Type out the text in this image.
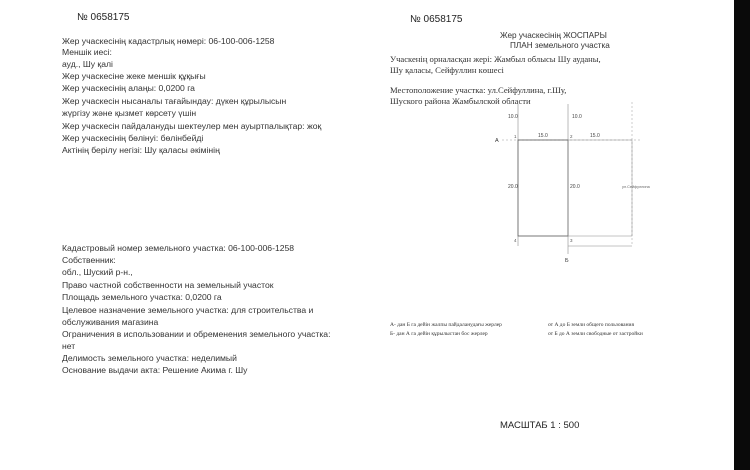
№ 0658175
Жер учаскесінің кадастрлық нөмері: 06-100-006-1258
Меншік иесі:
ауд., Шу қалі
Жер учаскесіне жеке меншік құқығы
Жер учаскесінің алаңы: 0,0200 га
Жер учаскесін нысаналы тағайындау: дүкен құрылысын
жүргізу және қызмет көрсету үшін
Жер учаскесін пайдалануды шектеулер мен ауыртпалықтар: жоқ
Жер учаскесінің бөлінуі: бөлінбейді
Актінің берілу негізі: Шу қаласы әкімінің
Кадастровый номер земельного участка: 06-100-006-1258
Собственник:
обл., Шуский р-н.,
Право частной собственности на земельный участок
Площадь земельного участка: 0,0200 га
Целевое назначение земельного участка: для строительства и
обслуживания магазина
Ограничения в использовании и обременения земельного участка:
нет
Делимость земельного участка: неделимый
Основание выдачи акта: Решение Акима г. Шу
№ 0658175
Жер учаскесінің ЖОСПАРЫ
ПЛАН земельного участка
Учаскенің орналасқан жері: Жамбыл облысы Шу ауданы,
Шу қаласы, Сейфуллин көшесі
Местоположение участка: ул.Сейфуллина, г.Шу,
Шуского района Жамбылской области
10.0	10.0
15.0	15.0
20.0	20.0
А
Б
1	2
3
4
ул.Сейфуллина
А- дан Б га дейін жалпы пайдаланудағы жерлер	от А до Б земли общего пользования
Б- дан А га дейін құрылыстан бос жерлер	от Б до А земли свободные от застройки
МАСШТАБ 1 : 500
